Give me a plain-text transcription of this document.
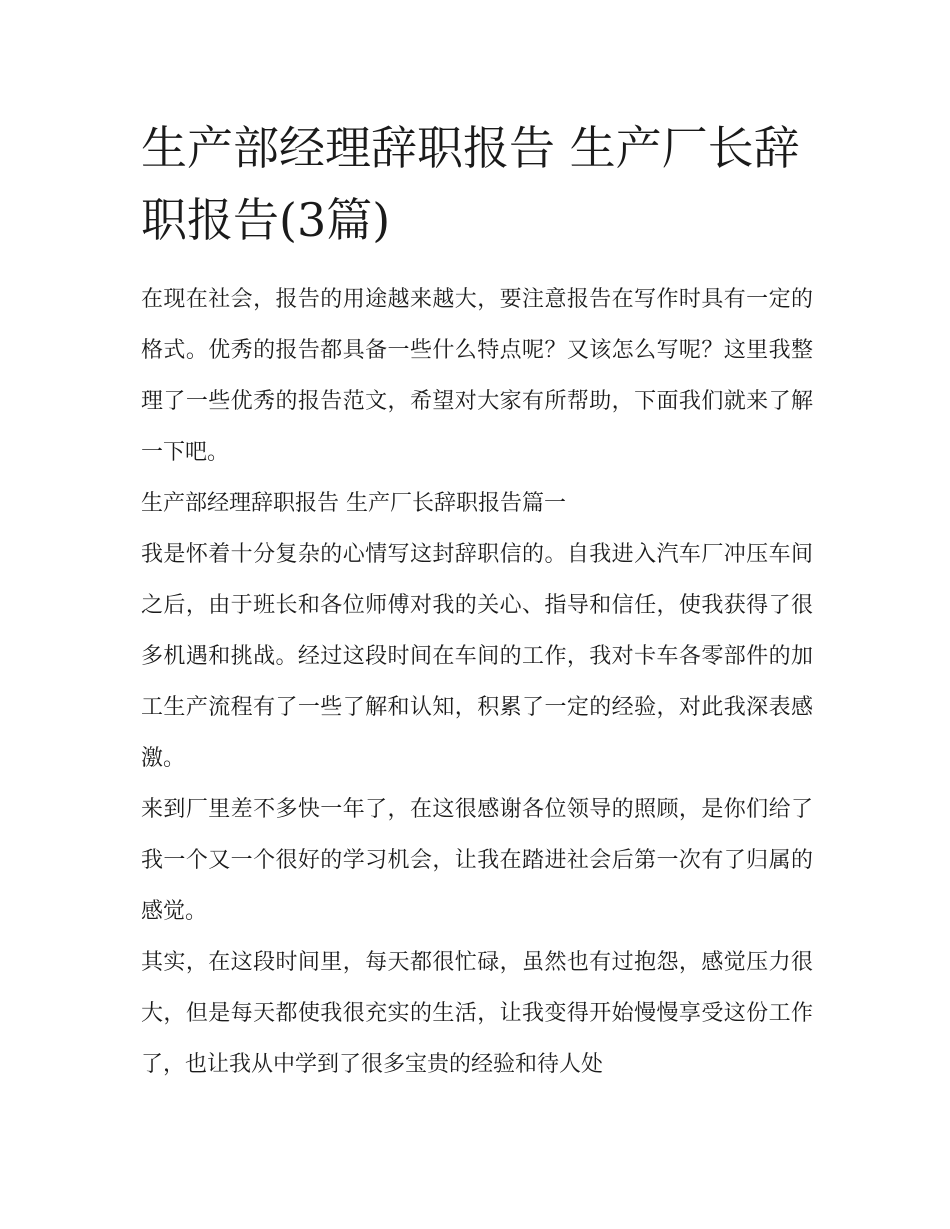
生产部经理辞职报告 生产厂长辞职报告(3篇)

在现在社会，报告的用途越来越大，要注意报告在写作时具有一定的格式。优秀的报告都具备一些什么特点呢？又该怎么写呢？这里我整理了一些优秀的报告范文，希望对大家有所帮助，下面我们就来了解一下吧。

生产部经理辞职报告 生产厂长辞职报告篇一

我是怀着十分复杂的心情写这封辞职信的。自我进入汽车厂冲压车间之后，由于班长和各位师傅对我的关心、指导和信任，使我获得了很多机遇和挑战。经过这段时间在车间的工作，我对卡车各零部件的加工生产流程有了一些了解和认知，积累了一定的经验，对此我深表感激。

来到厂里差不多快一年了，在这很感谢各位领导的照顾，是你们给了我一个又一个很好的学习机会，让我在踏进社会后第一次有了归属的感觉。

其实，在这段时间里，每天都很忙碌，虽然也有过抱怨，感觉压力很大，但是每天都使我很充实的生活，让我变得开始慢慢享受这份工作了，也让我从中学到了很多宝贵的经验和待人处
